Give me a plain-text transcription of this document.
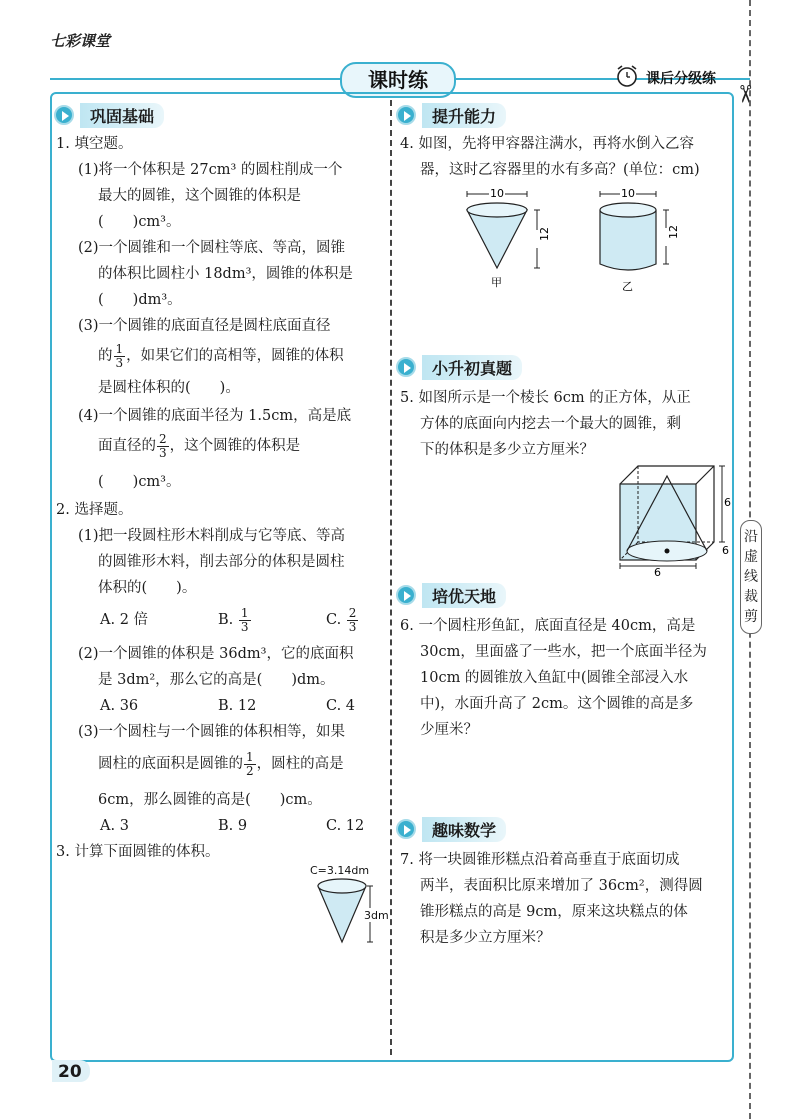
七彩课堂
课时练	课后分级练
✂
沿虚线裁剪
巩固基础
1. 填空题。
(1)将一个体积是 27cm³ 的圆柱削成一个
最大的圆锥，这个圆锥的体积是
(　　)cm³。
(2)一个圆锥和一个圆柱等底、等高，圆锥
的体积比圆柱小 18dm³，圆锥的体积是
(　　)dm³。
(3)一个圆锥的底面直径是圆柱底面直径
的 $\frac{1}{3}$ ，如果它们的高相等，圆锥的体积
是圆柱体积的(　　)。
(4)一个圆锥的底面半径为 1.5cm，高是底
面直径的 $\frac{2}{3}$ ，这个圆锥的体积是
(　　)cm³。
2. 选择题。
(1)把一段圆柱形木料削成与它等底、等高
的圆锥形木料，削去部分的体积是圆柱
体积的(　　)。
A. 2 倍	B. $\frac{1}{3}$	C. $\frac{2}{3}$
(2)一个圆锥的体积是 36dm³，它的底面积
是 3dm²，那么它的高是(　　)dm。
A. 36	B. 12	C. 4
(3)一个圆柱与一个圆锥的体积相等，如果
圆柱的底面积是圆锥的 $\frac{1}{2}$ ，圆柱的高是
6cm，那么圆锥的高是(　　)cm。
A. 3	B. 9	C. 12
3. 计算下面圆锥的体积。
C=3.14dm
3dm
提升能力
4. 如图，先将甲容器注满水，再将水倒入乙容
器，这时乙容器里的水有多高？(单位：cm)
10
12
甲
10
12
乙
小升初真题
5. 如图所示是一个棱长 6cm 的正方体，从正
方体的底面向内挖去一个最大的圆锥，剩
下的体积是多少立方厘米？
6
6
6
培优天地
6. 一个圆柱形鱼缸，底面直径是 40cm，高是
30cm，里面盛了一些水，把一个底面半径为
10cm 的圆锥放入鱼缸中(圆锥全部浸入水
中)，水面升高了 2cm。这个圆锥的高是多
少厘米？
趣味数学
7. 将一块圆锥形糕点沿着高垂直于底面切成
两半，表面积比原来增加了 36cm²，测得圆
锥形糕点的高是 9cm，原来这块糕点的体
积是多少立方厘米？
20
